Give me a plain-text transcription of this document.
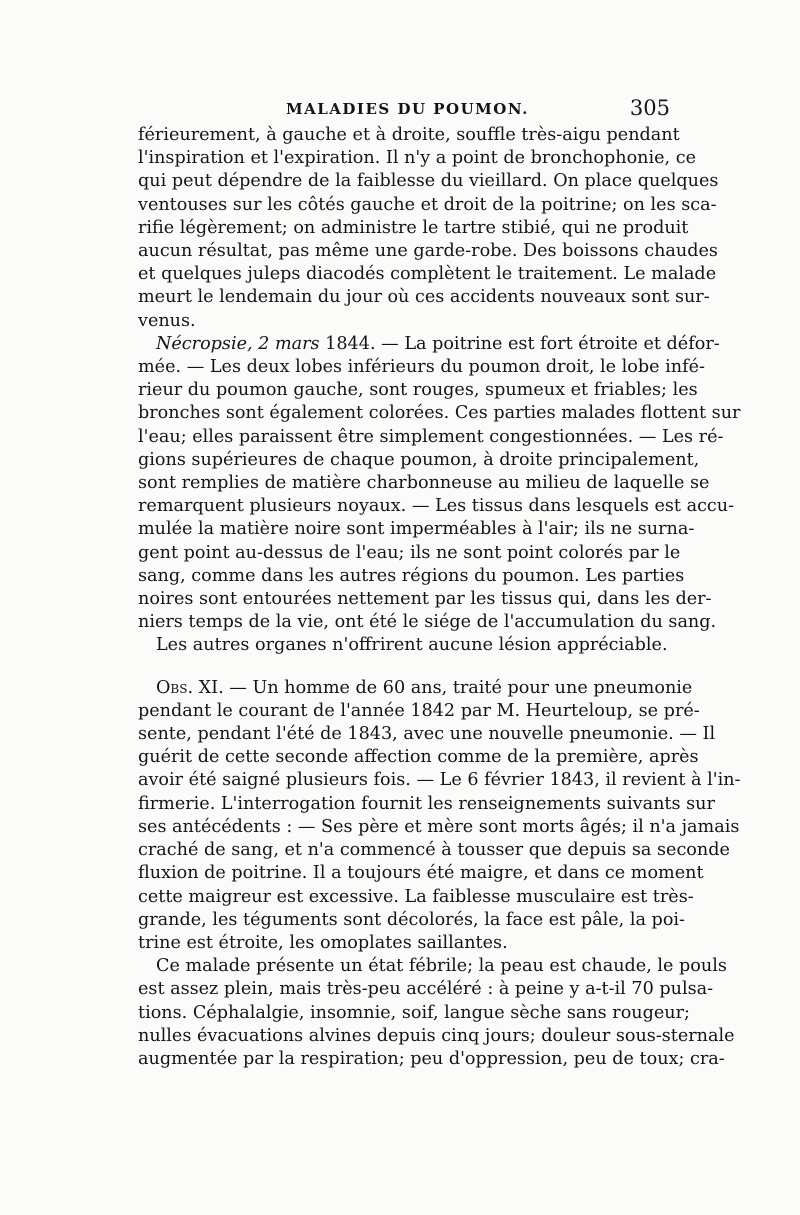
MALADIES DU POUMON.	305
férieurement, à gauche et à droite, souffle très-aigu pendant
l'inspiration et l'expiration. Il n'y a point de bronchophonie, ce
qui peut dépendre de la faiblesse du vieillard. On place quelques
ventouses sur les côtés gauche et droit de la poitrine; on les sca-
rifie légèrement; on administre le tartre stibié, qui ne produit
aucun résultat, pas même une garde-robe. Des boissons chaudes
et quelques juleps diacodés complètent le traitement. Le malade
meurt le lendemain du jour où ces accidents nouveaux sont sur-
venus.
Nécropsie, 2 mars 1844. — La poitrine est fort étroite et défor-
mée. — Les deux lobes inférieurs du poumon droit, le lobe infé-
rieur du poumon gauche, sont rouges, spumeux et friables; les
bronches sont également colorées. Ces parties malades flottent sur
l'eau; elles paraissent être simplement congestionnées. — Les ré-
gions supérieures de chaque poumon, à droite principalement,
sont remplies de matière charbonneuse au milieu de laquelle se
remarquent plusieurs noyaux. — Les tissus dans lesquels est accu-
mulée la matière noire sont imperméables à l'air; ils ne surna-
gent point au-dessus de l'eau; ils ne sont point colorés par le
sang, comme dans les autres régions du poumon. Les parties
noires sont entourées nettement par les tissus qui, dans les der-
niers temps de la vie, ont été le siége de l'accumulation du sang.
Les autres organes n'offrirent aucune lésion appréciable.
Obs. XI. — Un homme de 60 ans, traité pour une pneumonie
pendant le courant de l'année 1842 par M. Heurteloup, se pré-
sente, pendant l'été de 1843, avec une nouvelle pneumonie. — Il
guérit de cette seconde affection comme de la première, après
avoir été saigné plusieurs fois. — Le 6 février 1843, il revient à l'in-
firmerie. L'interrogation fournit les renseignements suivants sur
ses antécédents : — Ses père et mère sont morts âgés; il n'a jamais
craché de sang, et n'a commencé à tousser que depuis sa seconde
fluxion de poitrine. Il a toujours été maigre, et dans ce moment
cette maigreur est excessive. La faiblesse musculaire est très-
grande, les téguments sont décolorés, la face est pâle, la poi-
trine est étroite, les omoplates saillantes.
Ce malade présente un état fébrile; la peau est chaude, le pouls
est assez plein, mais très-peu accéléré : à peine y a-t-il 70 pulsa-
tions. Céphalalgie, insomnie, soif, langue sèche sans rougeur;
nulles évacuations alvines depuis cinq jours; douleur sous-sternale
augmentée par la respiration; peu d'oppression, peu de toux; cra-
